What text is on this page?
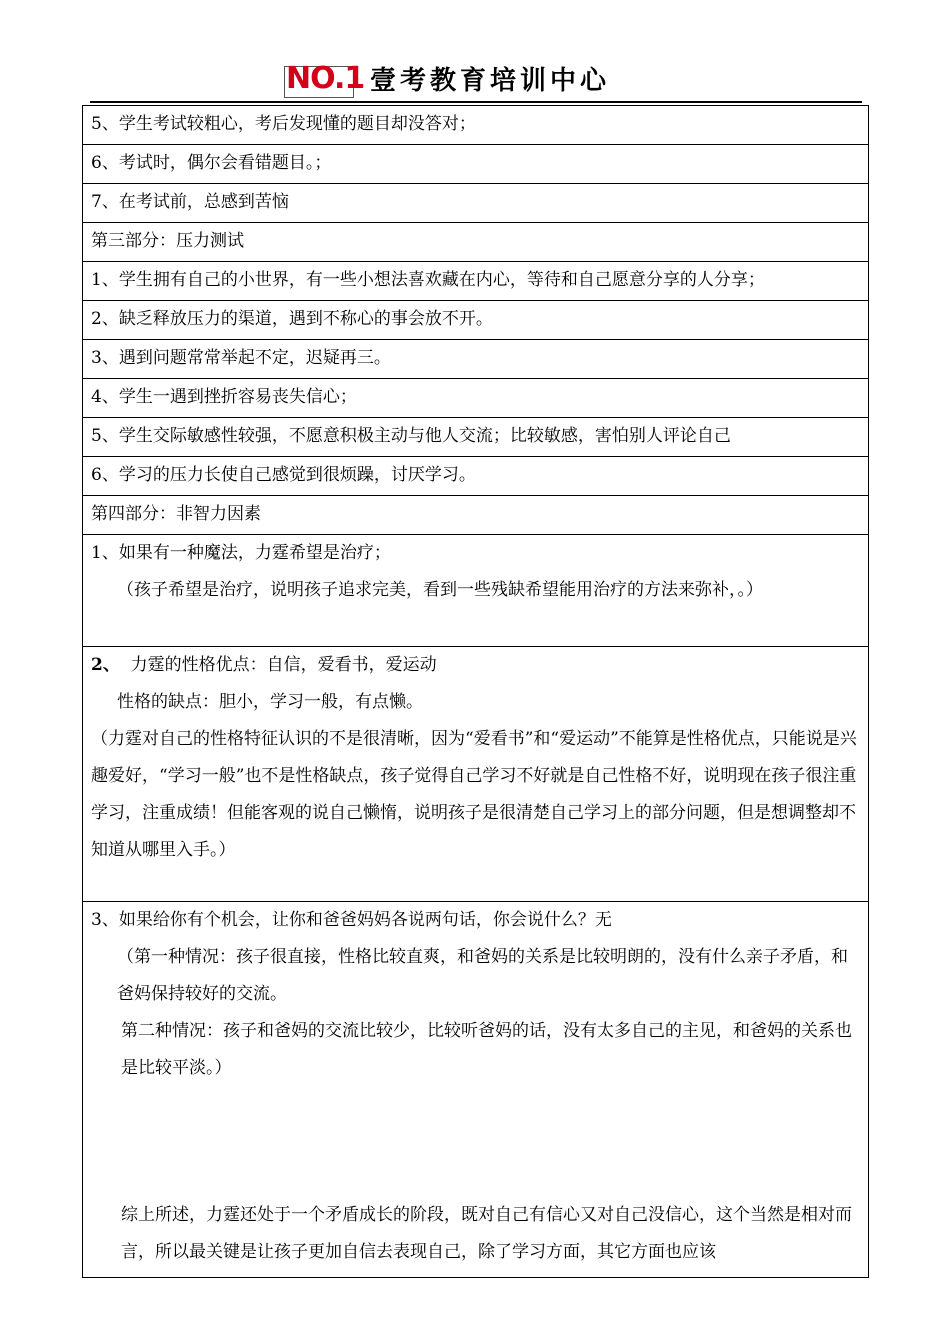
NO.1 壹考教育培训中心
5、学生考试较粗心，考后发现懂的题目却没答对；
6、考试时，偶尔会看错题目。；
7、在考试前，总感到苦恼
第三部分：压力测试
1、学生拥有自己的小世界，有一些小想法喜欢藏在内心，等待和自己愿意分享的人分享；
2、缺乏释放压力的渠道，遇到不称心的事会放不开。
3、遇到问题常常举起不定，迟疑再三。
4、学生一遇到挫折容易丧失信心；
5、学生交际敏感性较强，不愿意积极主动与他人交流；比较敏感，害怕别人评论自己
6、学习的压力长使自己感觉到很烦躁，讨厌学习。
第四部分：非智力因素

1、如果有一种魔法，力霆希望是治疗；

（孩子希望是治疗，说明孩子追求完美，看到一些残缺希望能用治疗的方法来弥补，。）

2、 力霆的性格优点：自信，爱看书，爱运动

性格的缺点：胆小，学习一般，有点懒。

（力霆对自己的性格特征认识的不是很清晰，因为“爱看书”和“爱运动”不能算是性格优点，只能说是兴趣爱好，“学习一般”也不是性格缺点，孩子觉得自己学习不好就是自己性格不好，说明现在孩子很注重学习，注重成绩！但能客观的说自己懒惰，说明孩子是很清楚自己学习上的部分问题，但是想调整却不知道从哪里入手。）

3、如果给你有个机会，让你和爸爸妈妈各说两句话，你会说什么？无

（第一种情况：孩子很直接，性格比较直爽，和爸妈的关系是比较明朗的，没有什么亲子矛盾，和爸妈保持较好的交流。

第二种情况：孩子和爸妈的交流比较少，比较听爸妈的话，没有太多自己的主见，和爸妈的关系也是比较平淡。）

综上所述，力霆还处于一个矛盾成长的阶段，既对自己有信心又对自己没信心，这个当然是相对而言，所以最关键是让孩子更加自信去表现自己，除了学习方面，其它方面也应该
